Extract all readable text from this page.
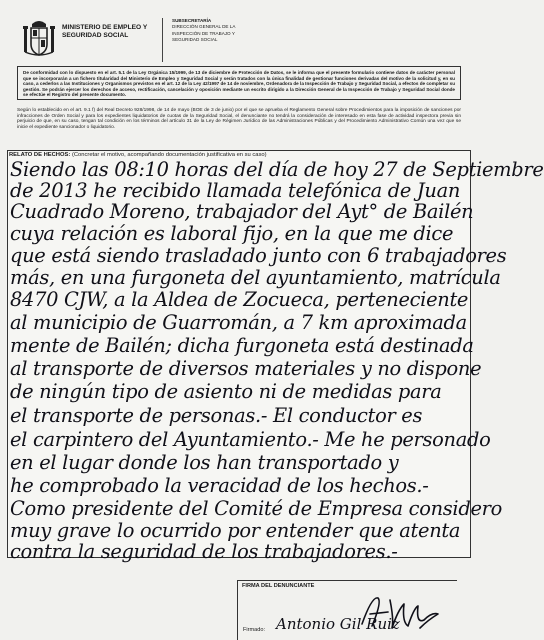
MINISTERIO DE EMPLEO Y SEGURIDAD SOCIAL
SUBSECRETARÍA
DIRECCIÓN GENERAL DE LA
INSPECCIÓN DE TRABAJO Y
SEGURIDAD SOCIAL
De conformidad con lo dispuesto en el art. 5.1 de la Ley Orgánica 15/1999, de 13 de diciembre de Protección de Datos, se le informa que el presente formulario contiene datos de carácter personal que se incorporarán a un fichero titularidad del Ministerio de Empleo y Seguridad Social y serán tratados con la única finalidad de gestionar funciones derivadas del motivo de la solicitud y, en su caso, a cederlos a las Instituciones y Organismos previstos en el art. 12 de la Ley 42/1997 de 14 de noviembre, Ordenadora de la Inspección de Trabajo y Seguridad Social, a efectos de completar su gestión. Se podrán ejercer los derechos de acceso, rectificación, cancelación y oposición mediante un escrito dirigido a la Dirección General de la Inspección de Trabajo y Seguridad Social donde se efectúe el Registro del presente documento.
Según lo establecido en el art. 9.1 f) del Real Decreto 928/1998, de 14 de mayo (BOE de 3 de junio) por el que se aprueba el Reglamento General sobre Procedimientos para la imposición de sanciones por infracciones de Orden Social y para los expedientes liquidatorios de cuotas de la Seguridad Social, el denunciante no tendrá la consideración de interesado en esta fase de actividad inspectora previa sin perjuicio de que, en su caso, tengan tal condición en los términos del artículo 31 de la Ley de Régimen Jurídico de las Administraciones Públicas y del Procedimiento Administrativo Común una vez que se inicie el expediente sancionador o liquidatorio.
RELATO DE HECHOS: (Concretar el motivo, acompañando documentación justificativa en su caso)
Siendo las 08:10 horas del día de hoy 27 de Septiembre
de 2013 he recibido llamada telefónica de Juan
Cuadrado Moreno, trabajador del Ayt° de Bailén
cuya relación es laboral fijo, en la que me dice
que está siendo trasladado junto con 6 trabajadores
más, en una furgoneta del ayuntamiento, matrícula
8470 CJW, a la Aldea de Zocueca, perteneciente
al municipio de Guarromán, a 7 km aproximada
mente de Bailén; dicha furgoneta está destinada
al transporte de diversos materiales y no dispone
de ningún tipo de asiento ni de medidas para
el transporte de personas.- El conductor es
el carpintero del Ayuntamiento.- Me he personado
en el lugar donde los han transportado y
he comprobado la veracidad de los hechos.-
Como presidente del Comité de Empresa considero
muy grave lo ocurrido por entender que atenta
contra la seguridad de los trabajadores.-
FIRMA DEL DENUNCIANTE
Firmado: Antonio Gil Ruiz
